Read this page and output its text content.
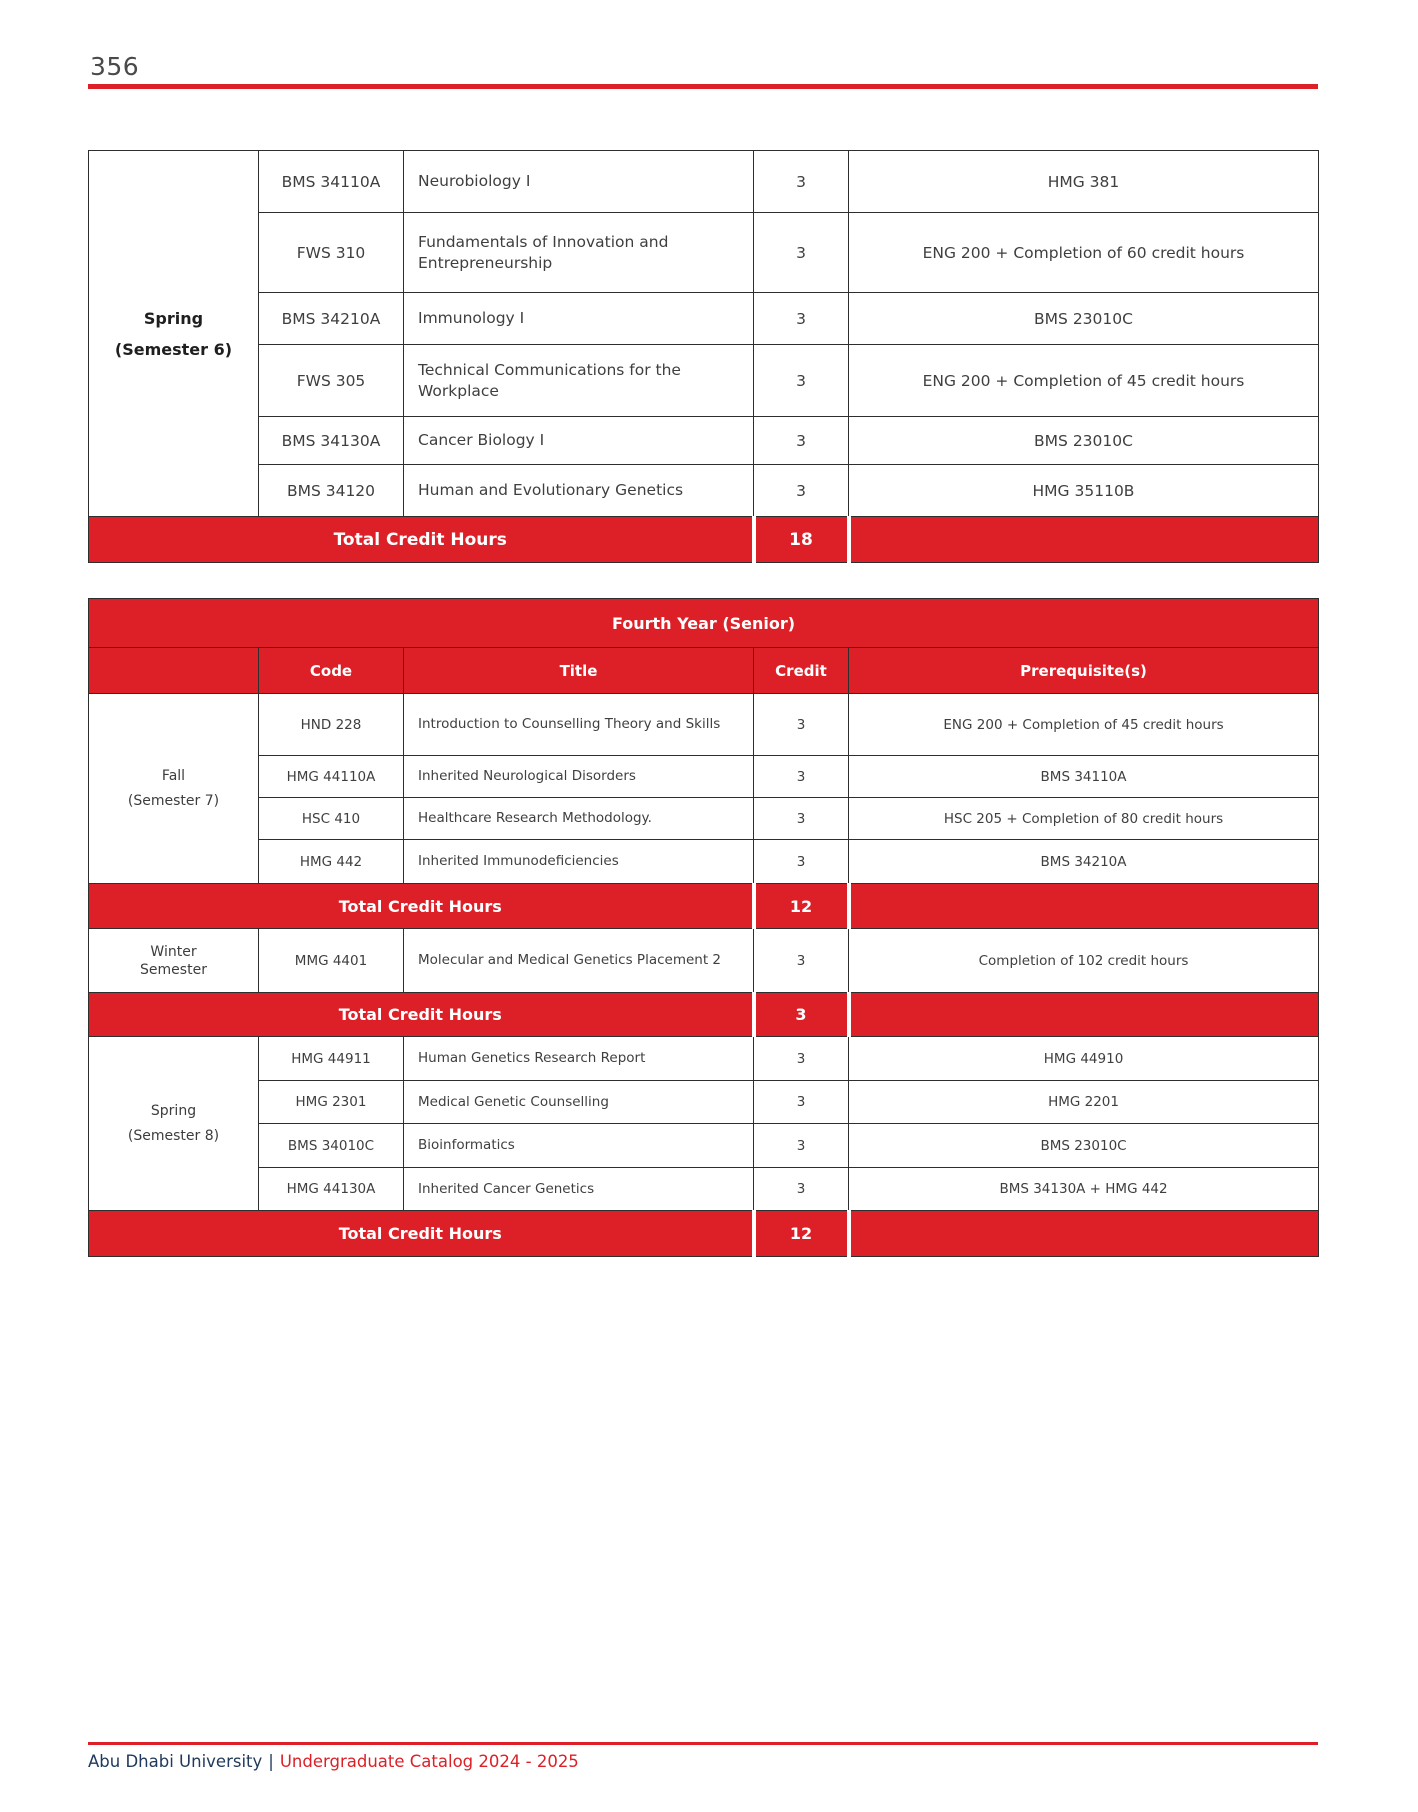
356
Spring
(Semester 6)	BMS 34110A	Neurobiology I	3	HMG 381
	FWS 310	Fundamentals of Innovation and Entrepreneurship	3	ENG 200 + Completion of 60 credit hours
	BMS 34210A	Immunology I	3	BMS 23010C
	FWS 305	Technical Communications for the Workplace	3	ENG 200 + Completion of 45 credit hours
	BMS 34130A	Cancer Biology I	3	BMS 23010C
	BMS 34120	Human and Evolutionary Genetics	3	HMG 35110B
Total Credit Hours			18	
Fourth Year (Senior)				
	Code	Title	Credit	Prerequisite(s)

Fall
(Semester 7)	HND 228	Introduction to Counselling Theory and Skills	3	ENG 200 + Completion of 45 credit hours
	HMG 44110A	Inherited Neurological Disorders	3	BMS 34110A
	HSC 410	Healthcare Research Methodology.	3	HSC 205 + Completion of 80 credit hours
	HMG 442	Inherited Immunodeficiencies	3	BMS 34210A
Total Credit Hours			12	

Winter
Semester	MMG 4401	Molecular and Medical Genetics Placement 2	3	Completion of 102 credit hours
Total Credit Hours			3	

Spring
(Semester 8)	HMG 44911	Human Genetics Research Report	3	HMG 44910
	HMG 2301	Medical Genetic Counselling	3	HMG 2201
	BMS 34010C	Bioinformatics	3	BMS 23010C
	HMG 44130A	Inherited Cancer Genetics	3	BMS 34130A + HMG 442
Total Credit Hours			12	
Abu Dhabi University | Undergraduate Catalog 2024 - 2025
